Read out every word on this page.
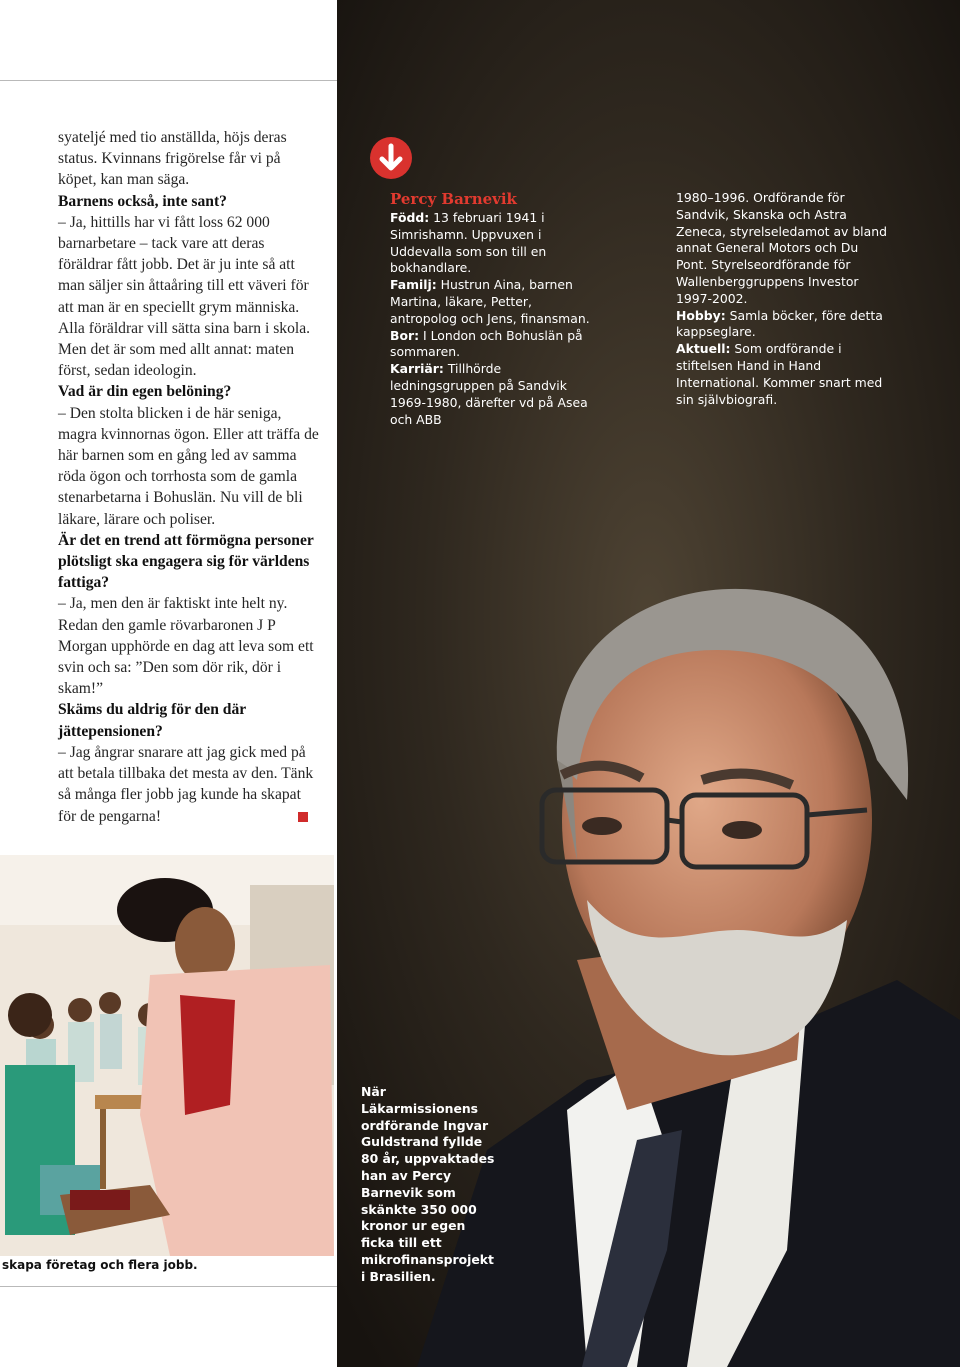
syateljé med tio anställda, höjs deras status. Kvinnans frigörelse får vi på köpet, kan man säga.

Barnens också, inte sant?

– Ja, hittills har vi fått loss 62 000 barnarbetare – tack vare att deras föräldrar fått jobb. Det är ju inte så att man säljer sin åttaåring till ett väveri för att man är en speciellt grym människa. Alla föräldrar vill sätta sina barn i skola. Men det är som med allt annat: maten först, sedan ideologin.

Vad är din egen belöning?

– Den stolta blicken i de här seniga, magra kvinnornas ögon. Eller att träffa de här barnen som en gång led av samma röda ögon och torrhosta som de gamla stenarbetarna i Bohuslän. Nu vill de bli läkare, lärare och poliser.

Är det en trend att förmögna personer plötsligt ska engagera sig för världens fattiga?

– Ja, men den är faktiskt inte helt ny. Redan den gamle rövarbaronen J P Morgan upphörde en dag att leva som ett svin och sa: ”Den som dör rik, dör i skam!”

Skäms du aldrig för den där jättepensionen?

– Jag ångrar snarare att jag gick med på att betala tillbaka det mesta av den. Tänk så många fler jobb jag kunde ha skapat för de pengarna!

skapa företag och flera jobb.

Percy Barnevik

Född: 13 februari 1941 i Simrishamn. Uppvuxen i Uddevalla som son till en bokhandlare.

Familj: Hustrun Aina, barnen Martina, läkare, Petter, antropolog och Jens, finansman.

Bor: I London och Bohuslän på sommaren.

Karriär: Tillhörde ledningsgruppen på Sandvik 1969-1980, därefter vd på Asea och ABB

1980–1996. Ordförande för Sandvik, Skanska och Astra Zeneca, styrelseledamot av bland annat General Motors och Du Pont. Styrelseordförande för Wallenberggruppens Investor 1997-2002.

Hobby: Samla böcker, före detta kappseglare.

Aktuell: Som ordförande i stiftelsen Hand in Hand International. Kommer snart med sin självbiografi.

När Läkarmissionens ordförande Ingvar Guldstrand fyllde 80 år, uppvaktades han av Percy Barnevik som skänkte 350 000 kronor ur egen ficka till ett mikrofinansprojekt i Brasilien.
